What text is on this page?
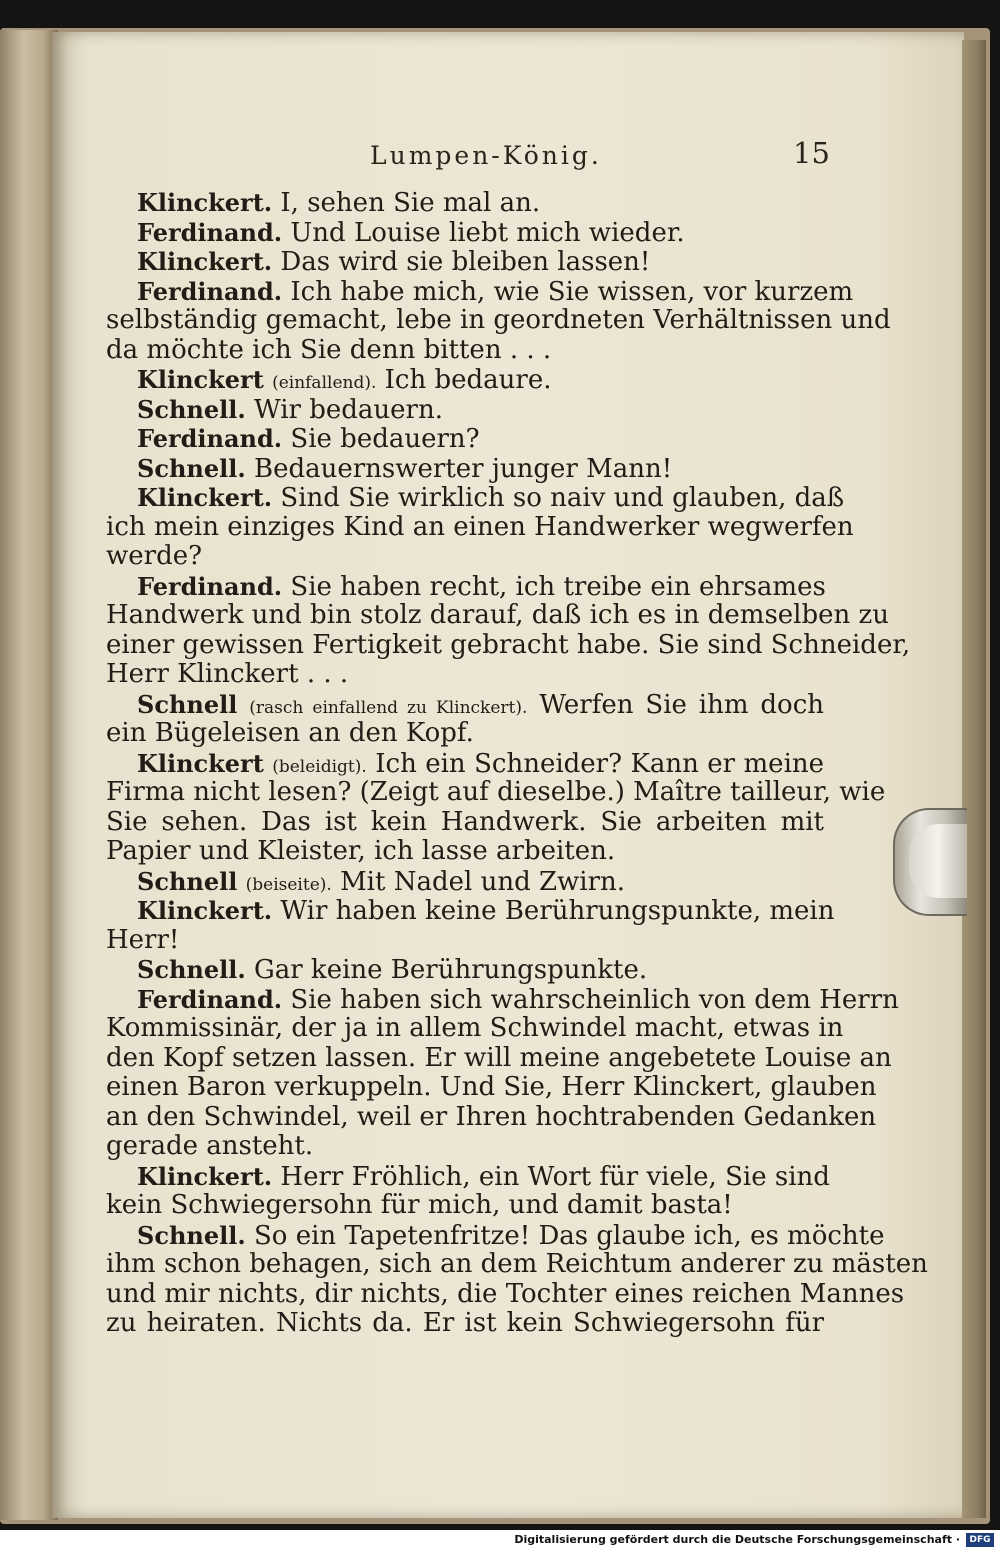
Lumpen-König.	15
Klinckert. I, sehen Sie mal an.
Ferdinand. Und Louise liebt mich wieder.
Klinckert. Das wird sie bleiben lassen!
Ferdinand. Ich habe mich, wie Sie wissen, vor kurzem
selbständig gemacht, lebe in geordneten Verhältnissen und
da möchte ich Sie denn bitten . . .
Klinckert (einfallend). Ich bedaure.
Schnell. Wir bedauern.
Ferdinand. Sie bedauern?
Schnell. Bedauernswerter junger Mann!
Klinckert. Sind Sie wirklich so naiv und glauben, daß
ich mein einziges Kind an einen Handwerker wegwerfen
werde?
Ferdinand. Sie haben recht, ich treibe ein ehrsames
Handwerk und bin stolz darauf, daß ich es in demselben zu
einer gewissen Fertigkeit gebracht habe. Sie sind Schneider,
Herr Klinckert . . .
Schnell (rasch einfallend zu Klinckert). Werfen Sie ihm doch
ein Bügeleisen an den Kopf.
Klinckert (beleidigt). Ich ein Schneider? Kann er meine
Firma nicht lesen? (Zeigt auf dieselbe.) Maître tailleur, wie
Sie sehen. Das ist kein Handwerk. Sie arbeiten mit
Papier und Kleister, ich lasse arbeiten.
Schnell (beiseite). Mit Nadel und Zwirn.
Klinckert. Wir haben keine Berührungspunkte, mein
Herr!
Schnell. Gar keine Berührungspunkte.
Ferdinand. Sie haben sich wahrscheinlich von dem Herrn
Kommissinär, der ja in allem Schwindel macht, etwas in
den Kopf setzen lassen. Er will meine angebetete Louise an
einen Baron verkuppeln. Und Sie, Herr Klinckert, glauben
an den Schwindel, weil er Ihren hochtrabenden Gedanken
gerade ansteht.
Klinckert. Herr Fröhlich, ein Wort für viele, Sie sind
kein Schwiegersohn für mich, und damit basta!
Schnell. So ein Tapetenfritze! Das glaube ich, es möchte
ihm schon behagen, sich an dem Reichtum anderer zu mästen
und mir nichts, dir nichts, die Tochter eines reichen Mannes
zu heiraten. Nichts da. Er ist kein Schwiegersohn für
Digitalisierung gefördert durch die Deutsche Forschungsgemeinschaft ·	DFG
